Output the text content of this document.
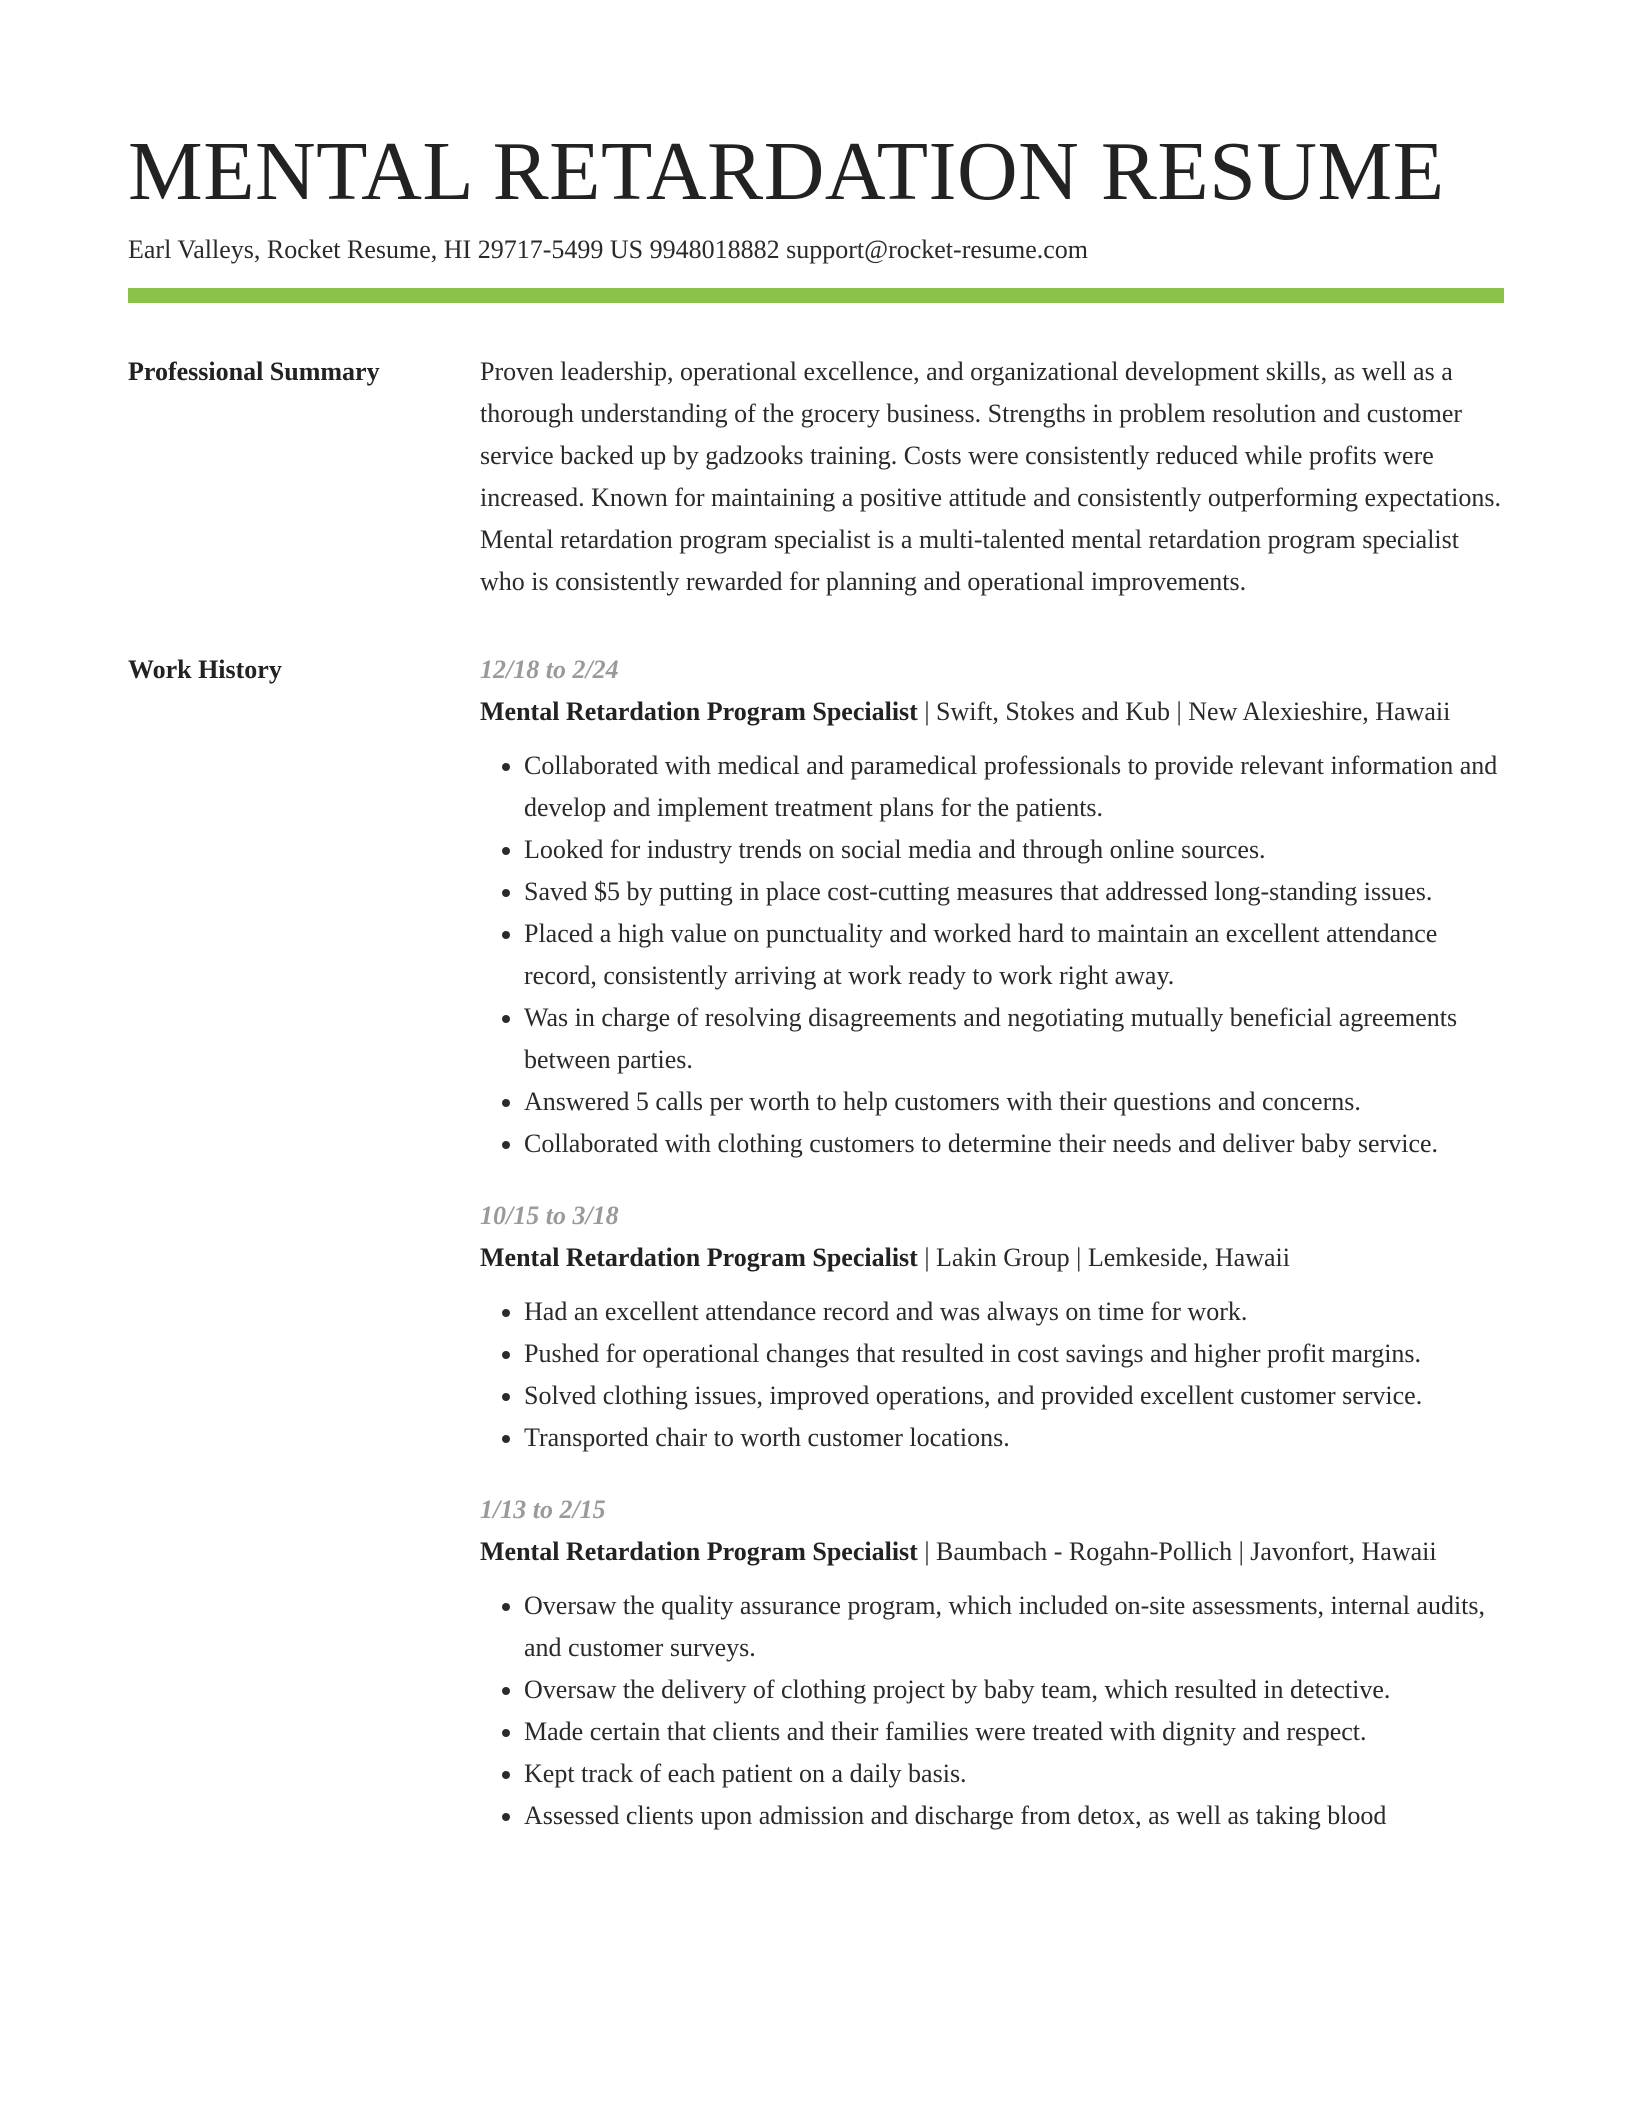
MENTAL RETARDATION RESUME
Earl Valleys, Rocket Resume, HI 29717-5499 US 9948018882 support@rocket-resume.com
Professional Summary	Proven leadership, operational excellence, and organizational development skills, as well as a thorough understanding of the grocery business. Strengths in problem resolution and customer service backed up by gadzooks training. Costs were consistently reduced while profits were increased. Known for maintaining a positive attitude and consistently outperforming expectations. Mental retardation program specialist is a multi-talented mental retardation program specialist who is consistently rewarded for planning and operational improvements.

Work History	12/18 to 2/24

Mental Retardation Program Specialist | Swift, Stokes and Kub | New Alexieshire, Hawaii

• Collaborated with medical and paramedical professionals to provide relevant information and develop and implement treatment plans for the patients.
• Looked for industry trends on social media and through online sources.
• Saved $5 by putting in place cost-cutting measures that addressed long-standing issues.
• Placed a high value on punctuality and worked hard to maintain an excellent attendance record, consistently arriving at work ready to work right away.
• Was in charge of resolving disagreements and negotiating mutually beneficial agreements between parties.
• Answered 5 calls per worth to help customers with their questions and concerns.
• Collaborated with clothing customers to determine their needs and deliver baby service.
10/15 to 3/18

Mental Retardation Program Specialist | Lakin Group | Lemkeside, Hawaii

• Had an excellent attendance record and was always on time for work.
• Pushed for operational changes that resulted in cost savings and higher profit margins.
• Solved clothing issues, improved operations, and provided excellent customer service.
• Transported chair to worth customer locations.
1/13 to 2/15

Mental Retardation Program Specialist | Baumbach - Rogahn-Pollich | Javonfort, Hawaii

• Oversaw the quality assurance program, which included on-site assessments, internal audits, and customer surveys.
• Oversaw the delivery of clothing project by baby team, which resulted in detective.
• Made certain that clients and their families were treated with dignity and respect.
• Kept track of each patient on a daily basis.
• Assessed clients upon admission and discharge from detox, as well as taking blood
